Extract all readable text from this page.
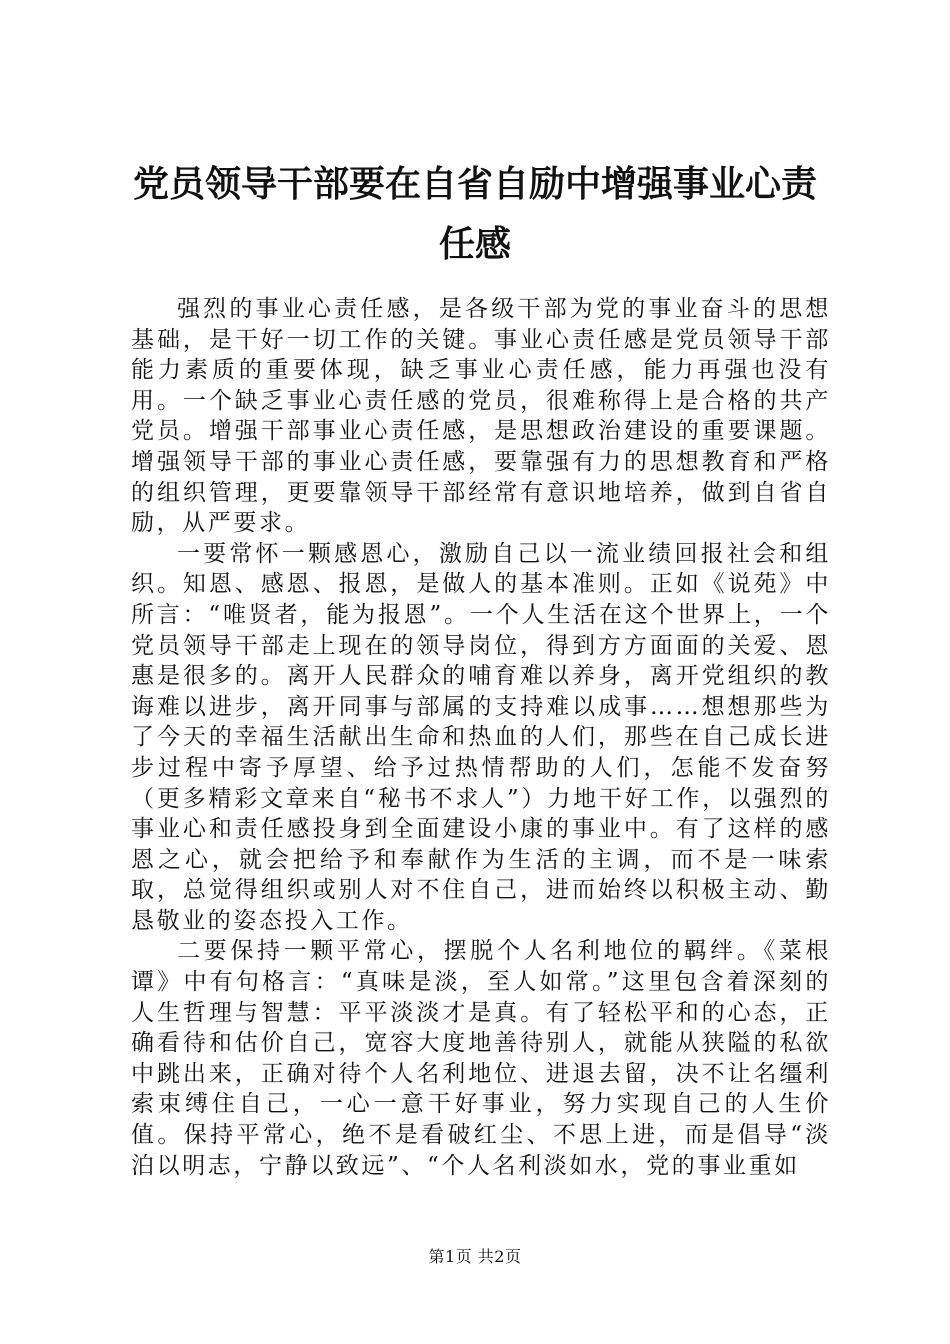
党员领导干部要在自省自励中增强事业心责任感

强烈的事业心责任感，是各级干部为党的事业奋斗的思想基础，是干好一切工作的关键。事业心责任感是党员领导干部能力素质的重要体现，缺乏事业心责任感，能力再强也没有用。一个缺乏事业心责任感的党员，很难称得上是合格的共产党员。增强干部事业心责任感，是思想政治建设的重要课题。增强领导干部的事业心责任感，要靠强有力的思想教育和严格的组织管理，更要靠领导干部经常有意识地培养，做到自省自励，从严要求。

一要常怀一颗感恩心，激励自己以一流业绩回报社会和组织。知恩、感恩、报恩，是做人的基本准则。正如《说苑》中所言：“唯贤者，能为报恩”。一个人生活在这个世界上，一个党员领导干部走上现在的领导岗位，得到方方面面的关爱、恩惠是很多的。离开人民群众的哺育难以养身，离开党组织的教诲难以进步，离开同事与部属的支持难以成事……想想那些为了今天的幸福生活献出生命和热血的人们，那些在自己成长进步过程中寄予厚望、给予过热情帮助的人们，怎能不发奋努（更多精彩文章来自“秘书不求人”）力地干好工作，以强烈的事业心和责任感投身到全面建设小康的事业中。有了这样的感恩之心，就会把给予和奉献作为生活的主调，而不是一味索取，总觉得组织或别人对不住自己，进而始终以积极主动、勤恳敬业的姿态投入工作。

二要保持一颗平常心，摆脱个人名利地位的羁绊。《菜根谭》中有句格言：“真味是淡，至人如常。”这里包含着深刻的人生哲理与智慧：平平淡淡才是真。有了轻松平和的心态，正确看待和估价自己，宽容大度地善待别人，就能从狭隘的私欲中跳出来，正确对待个人名利地位、进退去留，决不让名缰利索束缚住自己，一心一意干好事业，努力实现自己的人生价值。保持平常心，绝不是看破红尘、不思上进，而是倡导“淡泊以明志，宁静以致远”、“个人名利淡如水，党的事业重如

第1页 共2页
